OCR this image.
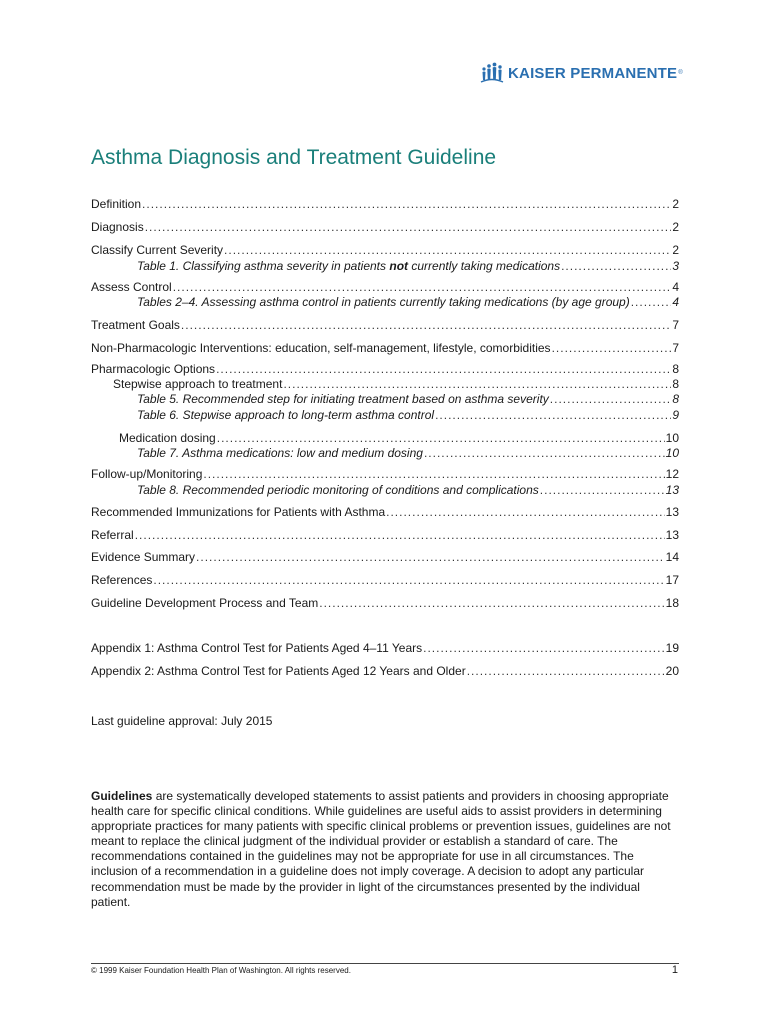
KAISER PERMANENTE ®
Asthma Diagnosis and Treatment Guideline
Definition .....	2
Diagnosis .....	2
Classify Current Severity .....	2
Table 1. Classifying asthma severity in patients not currently taking medications .....	3
Assess Control .....	4
Tables 2–4. Assessing asthma control in patients currently taking medications (by age group) .....	4
Treatment Goals .....	7
Non-Pharmacologic Interventions: education, self-management, lifestyle, comorbidities .....	7
Pharmacologic Options .....	8
Stepwise approach to treatment .....	8
Table 5. Recommended step for initiating treatment based on asthma severity .....	8
Table 6. Stepwise approach to long-term asthma control .....	9
Medication dosing .....	10
Table 7. Asthma medications: low and medium dosing .....	10
Follow-up/Monitoring .....	12
Table 8. Recommended periodic monitoring of conditions and complications .....	13
Recommended Immunizations for Patients with Asthma .....	13
Referral .....	13
Evidence Summary .....	14
References .....	17
Guideline Development Process and Team .....	18
Appendix 1: Asthma Control Test for Patients Aged 4–11 Years .....	19
Appendix 2: Asthma Control Test for Patients Aged 12 Years and Older .....	20

Last guideline approval: July 2015

Guidelines are systematically developed statements to assist patients and providers in choosing appropriate health care for specific clinical conditions. While guidelines are useful aids to assist providers in determining appropriate practices for many patients with specific clinical problems or prevention issues, guidelines are not meant to replace the clinical judgment of the individual provider or establish a standard of care. The recommendations contained in the guidelines may not be appropriate for use in all circumstances. The inclusion of a recommendation in a guideline does not imply coverage. A decision to adopt any particular recommendation must be made by the provider in light of the circumstances presented by the individual patient.

© 1999 Kaiser Foundation Health Plan of Washington. All rights reserved.	1
